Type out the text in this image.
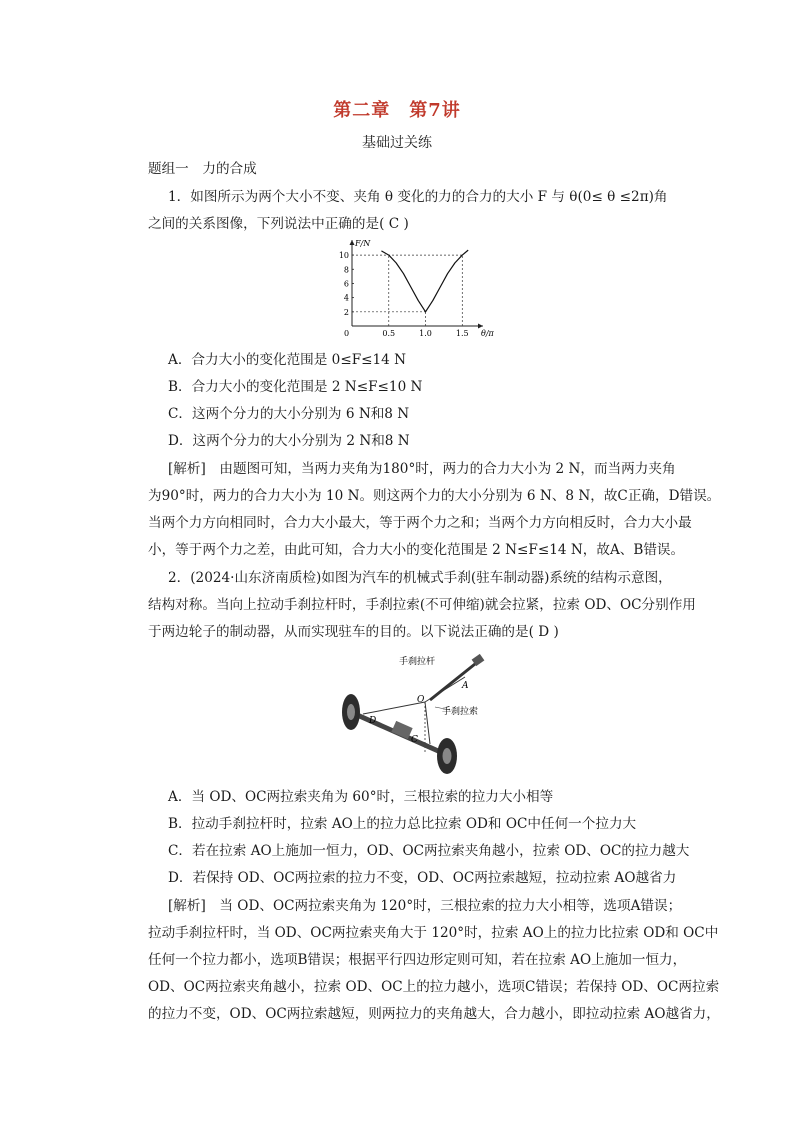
第二章　第7讲
基础过关练
题组一　力的合成
1．如图所示为两个大小不变、夹角 θ 变化的力的合力的大小 F 与 θ(0≤ θ ≤2π)角
之间的关系图像，下列说法中正确的是( C )
2
4
6
8
10
0.5	1.0	1.5
0	θ/π
F/N
A．合力大小的变化范围是 0≤F≤14 N
B．合力大小的变化范围是 2 N≤F≤10 N
C．这两个分力的大小分别为 6 N和8 N
D．这两个分力的大小分别为 2 N和8 N
[解析]　由题图可知，当两力夹角为180°时，两力的合力大小为 2 N，而当两力夹角
为90°时，两力的合力大小为 10 N。则这两个力的大小分别为 6 N、8 N，故C正确，D错误。
当两个力方向相同时，合力大小最大，等于两个力之和；当两个力方向相反时，合力大小最
小，等于两个力之差，由此可知，合力大小的变化范围是 2 N≤F≤14 N，故A、B错误。
2．(2024·山东济南质检)如图为汽车的机械式手刹(驻车制动器)系统的结构示意图，
结构对称。当向上拉动手刹拉杆时，手刹拉索(不可伸缩)就会拉紧，拉索 OD、OC分别作用
于两边轮子的制动器，从而实现驻车的目的。以下说法正确的是( D )
手刹拉杆
A
O
手刹拉索
D
C
A．当 OD、OC两拉索夹角为 60°时，三根拉索的拉力大小相等
B．拉动手刹拉杆时，拉索 AO上的拉力总比拉索 OD和 OC中任何一个拉力大
C．若在拉索 AO上施加一恒力，OD、OC两拉索夹角越小，拉索 OD、OC的拉力越大
D．若保持 OD、OC两拉索的拉力不变，OD、OC两拉索越短，拉动拉索 AO越省力
[解析]　当 OD、OC两拉索夹角为 120°时，三根拉索的拉力大小相等，选项A错误；
拉动手刹拉杆时，当 OD、OC两拉索夹角大于 120°时，拉索 AO上的拉力比拉索 OD和 OC中
任何一个拉力都小，选项B错误；根据平行四边形定则可知，若在拉索 AO上施加一恒力，
OD、OC两拉索夹角越小，拉索 OD、OC上的拉力越小，选项C错误；若保持 OD、OC两拉索
的拉力不变，OD、OC两拉索越短，则两拉力的夹角越大，合力越小，即拉动拉索 AO越省力，
